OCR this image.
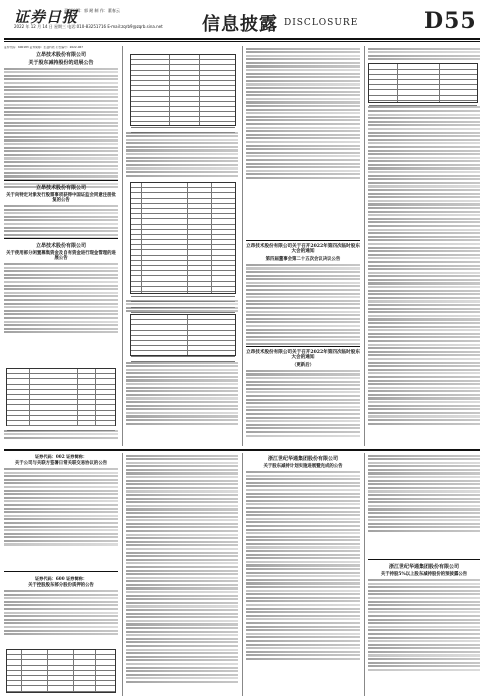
证券日报
责任编辑：郭 耐 制 作：董春云
2022 年 12 月 14 日 星期三 电话:010-83251716 E-mail:zqrb9@zqrb.sina.net 信息披露 DISCLOSURE	D55

证券代码：600183 证券简称：生益科技 公告编号：2022-067

立昂技术股份有限公司

关于股东减持股份的进展公告

立昂技术股份有限公司

关于向特定对象发行股票事项获得中国证监会同意注册批复的公告

立昂技术股份有限公司

关于使用部分闲置募集资金及自有资金进行现金管理的进展公告

立昂技术股份有限公司关于召开2022年第四次临时股东大会的通知

第四届董事会第二十五次会议决议公告

立昂技术股份有限公司关于召开2022年第四次临时股东大会的通知

（更新后）

证券代码：002 证券简称：

关于公司与关联方签署日常关联交易协议的公告

证券代码：600 证券简称：

关于控股股东部分股份质押的公告

浙江世纪华通集团股份有限公司

关于股东减持计划实施进展暨完成的公告

浙江世纪华通集团股份有限公司

关于持股5%以上股东减持股份的预披露公告
